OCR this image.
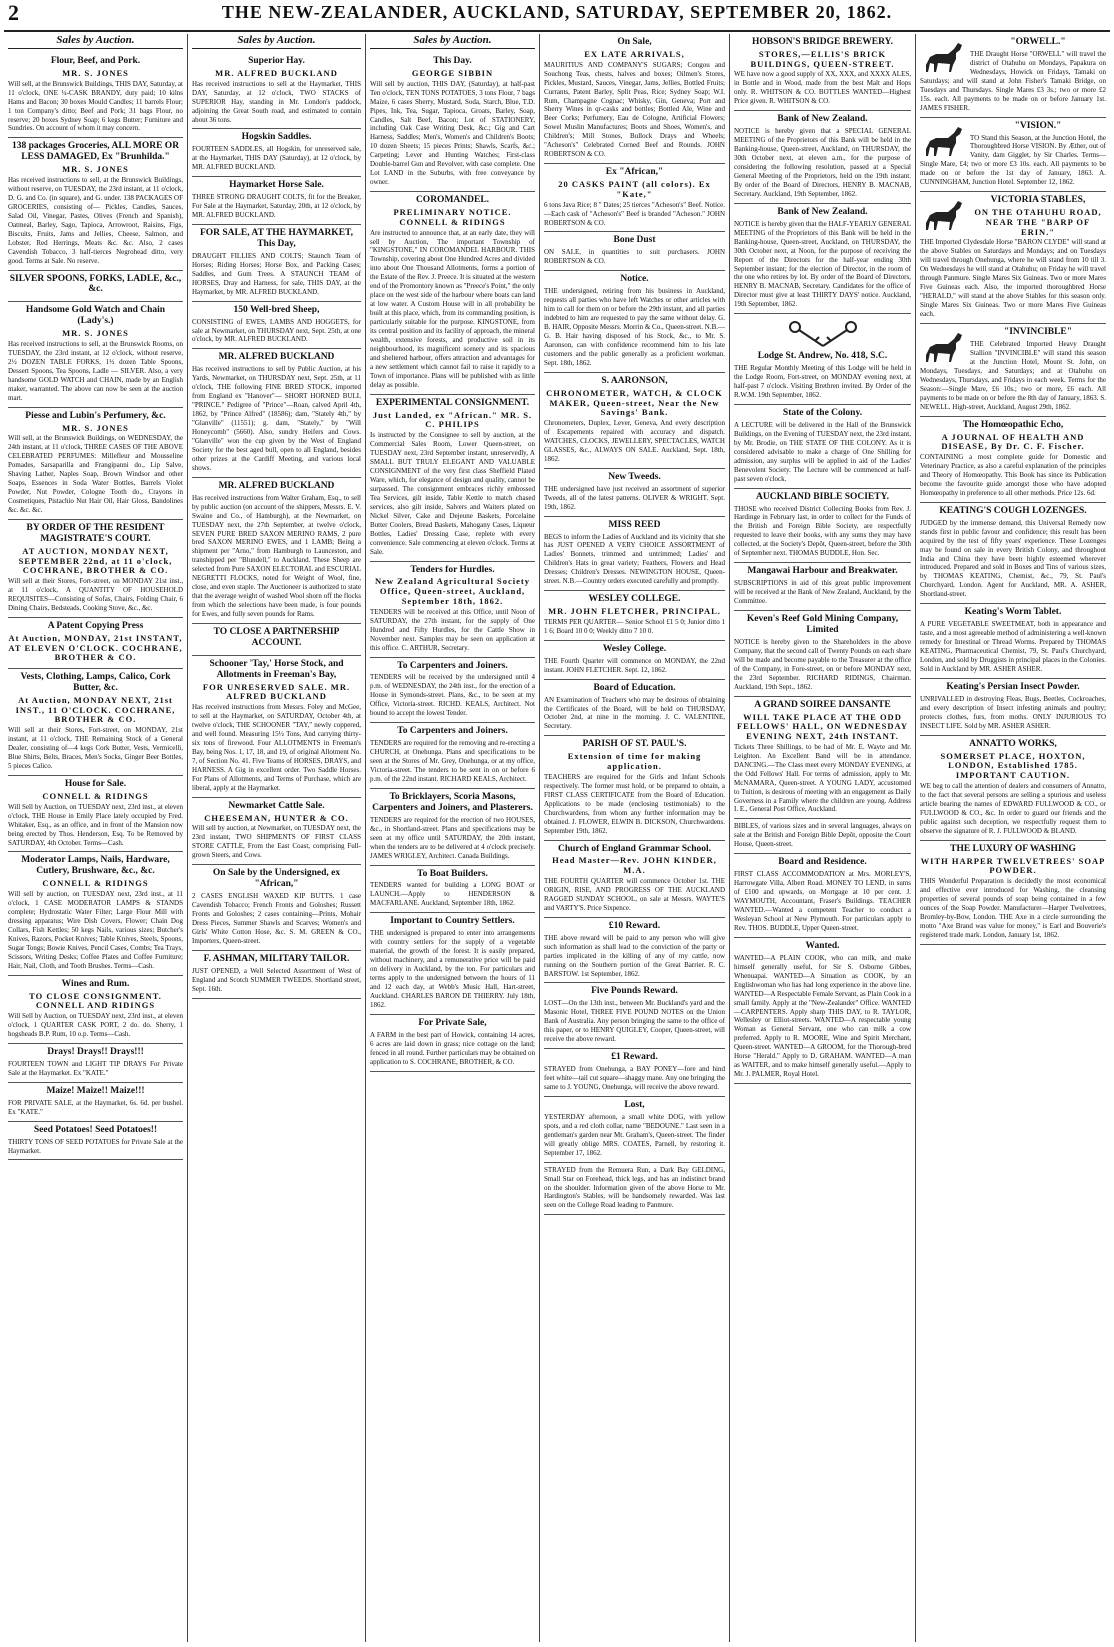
2	THE NEW-ZEALANDER, AUCKLAND, SATURDAY, SEPTEMBER 20, 1862.
Sales by Auction.
Flour, Beef, and Pork.
MR. S. JONES

Will sell, at the Brunswick Buildings, THIS DAY, Saturday, at 11 o'clock, ONE ¼-CASK BRANDY, duty paid; 10 kilns Hams and Bacon; 30 boxes Mould Candles; 11 barrels Flour; 1 ton Company's ditto; Beef and Pork; 31 bags Flour, no reserve; 20 boxes Sydney Soap; 6 kegs Butter; Furniture and Sundries. On account of whom it may concern.

138 packages Groceries, ALL MORE OR LESS DAMAGED, Ex "Brunhilda."
MR. S. JONES

Has received instructions to sell, at the Brunswick Buildings, without reserve, on TUESDAY, the 23rd instant, at 11 o'clock, D. G. and Co. (in square), and G. under. 138 PACKAGES OF GROCERIES, consisting of— Pickles, Candles, Sauces, Salad Oil, Vinegar, Pastes, Olives (French and Spanish), Oatmeal, Barley, Sago, Tapioca, Arrowroot, Raisins, Figs, Biscuits, Fruits, Jams and Jellies, Cheese, Salmon, and Lobster, Red Herrings, Meats &c. &c. Also, 2 cases Cavendish Tobacco, 3 half-tierces Negrohead ditto, very good. Terms at Sale. No reserve.

SILVER SPOONS, FORKS, LADLE, &c., &c.
Handsome Gold Watch and Chain (Lady's.)
MR. S. JONES

Has received instructions to sell, at the Brunswick Rooms, on TUESDAY, the 23rd instant, at 12 o'clock, without reserve, 2½ DOZEN TABLE FORKS, 1½ dozen Table Spoons, Dessert Spoons, Tea Spoons, Ladle — SILVER. Also, a very handsome GOLD WATCH and CHAIN, made by an English maker, warranted. The above can now be seen at the auction mart.

Piesse and Lubin's Perfumery, &c.
MR. S. JONES

Will sell, at the Brunswick Buildings, on WEDNESDAY, the 24th instant, at 11 o'clock, THREE CASES OF THE ABOVE CELEBRATED PERFUMES: Millefleur and Mousseline Pomades, Sarsaparilla and Frangipanni do., Lip Salve, Shaving Lather, Naples Soap, Brown Windsor and other Soaps, Essences in Soda Water Bottles, Barrels Violet Powder, Nut Powder, Cologne Tooth do., Crayons in Cosmetiques, Pistachio Nut Hair Oil, Hair Gloss, Bandolines &c. &c. &c.

BY ORDER OF THE RESIDENT MAGISTRATE'S COURT.
AT AUCTION, MONDAY NEXT, SEPTEMBER 22nd, at 11 o'clock, COCHRANE, BROTHER & CO.

Will sell at their Stores, Fort-street, on MONDAY 21st inst., at 11 o'clock, A QUANTITY OF HOUSEHOLD REQUISITES—Consisting of Sofas, Chairs, Folding Chair, 6 Dining Chairs, Bedsteads, Cooking Stove, &c., &c.

A Patent Copying Press
At Auction, MONDAY, 21st INSTANT, AT ELEVEN O'CLOCK. COCHRANE, BROTHER & CO.
Vests, Clothing, Lamps, Calico, Cork Butter, &c.
At Auction, MONDAY NEXT, 21st INST., 11 O'CLOCK. COCHRANE, BROTHER & CO.

Will sell at their Stores, Fort-street, on MONDAY, 21st instant, at 11 o'clock, THE Remaining Stock of a General Dealer, consisting of—4 kegs Cork Butter, Vests, Vermicelli, Blue Shirts, Belts, Braces, Men's Socks, Ginger Beer Bottles, 5 pieces Calico.

House for Sale.
CONNELL & RIDINGS

Will Sell by Auction, on TUESDAY next, 23rd inst., at eleven o'clock, THE House in Emily Place lately occupied by Fred. Whitaker, Esq., as an office, and in front of the Mansion now being erected by Thos. Henderson, Esq. To be Removed by SATURDAY, 4th October. Terms—Cash.

Moderator Lamps, Nails, Hardware, Cutlery, Brushware, &c., &c.
CONNELL & RIDINGS

Will sell by auction, on TUESDAY next, 23rd inst., at 11 o'clock, 1 CASE MODERATOR LAMPS & STANDS complete; Hydrostatic Water Filter; Large Flour Mill with dressing apparatus; Wire Dish Covers, Flower; Chain Dog Collars, Fish Kettles; 50 kegs Nails, various sizes; Butcher's Knives, Razors, Pocket Knives; Table Knives, Steels, Spoons, Sugar Tongs; Bowie Knives, Pencil Cases, Combs; Tea Trays, Scissors, Writing Desks; Coffee Plates and Coffee Furniture; Hair, Nail, Cloth, and Tooth Brushes. Terms—Cash.

Wines and Rum.
TO CLOSE CONSIGNMENT. CONNELL AND RIDINGS

Will Sell by Auction, on TUESDAY next, 23rd inst., at eleven o'clock, 1 QUARTER CASK PORT, 2 do. do. Sherry, 1 hogsheads B.P. Rum, 10 o.p. Terms—Cash.

Drays! Drays!! Drays!!!

FOURTEEN TOWN and LIGHT TIP DRAYS For Private Sale at the Haymarket. Ex "KATE."

Maize! Maize!! Maize!!!

FOR PRIVATE SALE, at the Haymarket, 6s. 6d. per bushel. Ex "KATE."

Seed Potatoes! Seed Potatoes!!

THIRTY TONS OF SEED POTATOES for Private Sale at the Haymarket.

Sales by Auction.
Superior Hay.
MR. ALFRED BUCKLAND

Has received instructions to sell at the Haymarket, THIS DAY, Saturday, at 12 o'clock, TWO STACKS of SUPERIOR Hay, standing in Mr. London's paddock, adjoining the Great South road, and estimated to contain about 36 tons.

Hogskin Saddles.

FOURTEEN SADDLES, all Hogskin, for unreserved sale, at the Haymarket, THIS DAY (Saturday), at 12 o'clock, by MR. ALFRED BUCKLAND.

Haymarket Horse Sale.

THREE STRONG DRAUGHT COLTS, fit for the Breaker, For Sale at the Haymarket, Saturday, 20th, at 12 o'clock, by MR. ALFRED BUCKLAND.

FOR SALE, AT THE HAYMARKET, This Day,

DRAUGHT FILLIES AND COLTS; Staunch Team of Horses; Riding Horses; Horse Box, and Packing Cases; Saddles, and Gum Trees. A STAUNCH TEAM of HORSES, Dray and Harness, for sale, THIS DAY, at the Haymarket, by MR. ALFRED BUCKLAND.

150 Well-bred Sheep,

CONSISTING of EWES, LAMBS AND HOGGETS, for sale at Newmarket, on THURSDAY next, Sept. 25th, at one o'clock, by MR. ALFRED BUCKLAND.

MR. ALFRED BUCKLAND

Has received instructions to sell by Public Auction, at his Yards, Newmarket, on THURSDAY next, Sept. 25th, at 11 o'clock, THE following FINE BRED STOCK, imported from England ex "Hanover"— SHORT HORNED BULL "PRINCE." Pedigree of "Prince"—Roan, calved April 4th, 1862, by "Prince Alfred" (18586); dam, "Stately 4th," by "Glanville" (11551); g. dam, "Stately," by "Will Honeycomb" (5660). Also, sundry Heifers and Cows. "Glanville" won the cup given by the West of England Society for the best aged bull, open to all England, besides other prizes at the Cardiff Meeting, and various local shows.

MR. ALFRED BUCKLAND

Has received instructions from Walter Graham, Esq., to sell by public auction (on account of the shippers, Messrs. E. V. Swaine and Co., of Hamburgh), at the Newmarket, on TUESDAY next, the 27th September, at twelve o'clock, SEVEN PURE BRED SAXON MERINO RAMS, 2 pure bred SAXON MERINO EWES, and 1 LAMB; Being a shipment per "Arno," from Hamburgh to Launceston, and transhipped per "Blundell," to Auckland. These Sheep are selected from Pure SAXON ELECTORAL and ESCURIAL NEGRETTI FLOCKS, noted for Weight of Wool, fine, close, and even staple. The Auctioneer is authorized to state that the average weight of washed Wool shorn off the flocks from which the selections have been made, is four pounds for Ewes, and fully seven pounds for Rams.

TO CLOSE A PARTNERSHIP ACCOUNT.
Schooner 'Tay,' Horse Stock, and Allotments in Freeman's Bay,
FOR UNRESERVED SALE. MR. ALFRED BUCKLAND

Has received instructions from Messrs. Foley and McGee, to sell at the Haymarket, on SATURDAY, October 4th, at twelve o'clock, THE SCHOONER "TAY," newly coppered, and well found. Measuring 15½ Tons, And carrying thirty-six tons of firewood. Four ALLOTMENTS in Freeman's Bay, being Nos. 1, 17, 18, and 19, of original Allotment No. 7, of Section No. 41. Five Teams of HORSES, DRAYS, and HARNESS. A Gig in excellent order. Two Saddle Horses. For Plans of Allotments, and Terms of Purchase, which are liberal, apply at the Haymarket.

Newmarket Cattle Sale.
CHEESEMAN, HUNTER & CO.

Will sell by auction, at Newmarket, on TUESDAY next, the 23rd instant, TWO SHIPMENTS OF FIRST CLASS STORE CATTLE, From the East Coast, comprising Full-grown Steers, and Cows.

On Sale by the Undersigned, ex "African,"

2 CASES ENGLISH WAXED KIP BUTTS. 1 case Cavendish Tobacco; French Fronts and Goloshes; Russett Fronts and Goloshes; 2 cases containing—Prints, Mohair Dress Pieces, Summer Shawls and Scarves; Women's and Girls' White Cotton Hose, &c. S. M. GREEN & CO., Importers, Queen-street.

F. ASHMAN, MILITARY TAILOR.

JUST OPENED, a Well Selected Assortment of West of England and Scotch SUMMER TWEEDS. Shortland street, Sept. 16th.

Sales by Auction.
This Day.
GEORGE SIBBIN

Will sell by auction, THIS DAY, (Saturday), at half-past Ten o'clock, TEN TONS POTATOES, 3 tons Flour, 7 bags Maize, 6 cases Sherry, Mustard, Soda, Starch, Blue, T.D. Pipes, Ink, Tea, Sugar, Tapioca, Groats, Barley, Soap, Candles, Salt Beef, Bacon; Lot of STATIONERY, including Oak Case Writing Desk, &c.; Gig and Cart Harness, Saddles; Men's, Women's and Children's Boots; 10 dozen Sheets; 15 pieces Prints; Shawls, Scarfs, &c.; Carpeting; Lever and Hunting Watches; First-class Double-barrel Gun and Revolver, with case complete. One Lot LAND in the Suburbs, with free conveyance by owner.

COROMANDEL.
PRELIMINARY NOTICE. CONNELL & RIDINGS

Are instructed to announce that, at an early date, they will sell by Auction, The important Township of "KINGSTONE," IN COROMANDEL HARBOUR. THIS Township, covering about One Hundred Acres and divided into about One Thousand Allotments, forms a portion of the Estate of the Rev. J. Preece. It is situated at the western end of the Promontory known as "Preece's Point," the only place on the west side of the harbour where boats can land at low water. A Custom House will in all probability be built at this place, which, from its commanding position, is particularly suitable for the purpose. KINGSTONE, from its central position and its facility of approach, the mineral wealth, extensive forests, and productive soil in its neighbourhood, its magnificent scenery and its spacious and sheltered harbour, offers attraction and advantages for a new settlement which cannot fail to raise it rapidly to a Town of importance. Plans will be published with as little delay as possible.

EXPERIMENTAL CONSIGNMENT.
Just Landed, ex "African." MR. S. C. PHILIPS

Is instructed by the Consignee to sell by auction, at the Commercial Sales Room, Lower Queen-street, on TUESDAY next, 23rd September instant, unreservedly, A SMALL BUT TRULY ELEGANT AND VALUABLE CONSIGNMENT of the very first class Sheffield Plated Ware, which, for elegance of design and quality, cannot be surpassed. The consignment embraces richly embossed Tea Services, gilt inside, Table Kettle to match chased services, also gilt inside, Salvers and Waiters plated on Nickel Silver, Cake and Dejeune Baskets, Porcelaine Butter Coolers, Bread Baskets, Mahogany Cases, Liqueur Bottles, Ladies' Dressing Case, replete with every convenience. Sale commencing at eleven o'clock. Terms at Sale.

Tenders for Hurdles.
New Zealand Agricultural Society Office, Queen-street, Auckland, September 18th, 1862.

TENDERS will be received at this Office, until Noon of SATURDAY, the 27th instant, for the supply of One Hundred and Fifty Hurdles, for the Cattle Show in November next. Samples may be seen on application at this office. C. ARTHUR, Secretary.

To Carpenters and Joiners.

TENDERS will be received by the undersigned until 4 p.m. of WEDNESDAY, the 24th inst., for the erection of a House in Symonds-street. Plans, &c., to be seen at my Office, Victoria-street. RICHD. KEALS, Architect. Not bound to accept the lowest Tender.

To Carpenters and Joiners.

TENDERS are required for the removing and re-erecting a CHURCH, at Onehunga. Plans and specifications to be seen at the Stores of Mr. Grey, Onehunga, or at my office, Victoria-street. The tenders to be sent in on or before 6 p.m. of the 22nd instant. RICHARD KEALS, Architect.

To Bricklayers, Scoria Masons, Carpenters and Joiners, and Plasterers.

TENDERS are required for the erection of two HOUSES, &c., in Shortland-street. Plans and specifications may be seen at my office until SATURDAY, the 20th instant, when the tenders are to be delivered at 4 o'clock precisely. JAMES WRIGLEY, Architect. Canada Buildings.

To Boat Builders.

TENDERS wanted for building a LONG BOAT or LAUNCH.—Apply to HENDERSON & MACFARLANE. Auckland, September 18th, 1862.

Important to Country Settlers.

THE undersigned is prepared to enter into arrangements with country settlers for the supply of a vegetable material, the growth of the forest. It is easily prepared, without machinery, and a remunerative price will be paid on delivery in Auckland, by the ton. For particulars and terms apply to the undersigned between the hours of 11 and 12 each day, at Webb's Music Hall, Hart-street, Auckland. CHARLES BARON DE THIERRY. July 18th, 1862.

For Private Sale,

A FARM in the best part of Howick, containing 14 acres, 6 acres are laid down in grass; nice cottage on the land; fenced in all round. Further particulars may be obtained on application to S. COCHRANE, BROTHER, & CO.

On Sale,
EX LATE ARRIVALS,

MAURITIUS AND COMPANY'S SUGARS; Congou and Souchong Teas, chests, halves and boxes; Oilmen's Stores, Pickles, Mustard, Sauces, Vinegar, Jams, Jellies, Bottled Fruits; Currants, Patent Barley, Split Peas, Rice; Sydney Soap; W.I. Rum, Champagne Cognac; Whisky, Gin, Geneva; Port and Sherry Wines in qr-casks and bottles; Bottled Ale, Wine and Beer Corks; Perfumery, Eau de Cologne, Artificial Flowers; Sowel Muslin Manufactures; Boots and Shoes, Women's, and Children's; Mill Stones, Bullock Drays and Wheels; "Acheson's" Celebrated Corned Beef and Rounds. JOHN ROBERTSON & CO.

Ex "African,"
20 CASKS PAINT (all colors). Ex "Kate,"

6 tons Java Rice; 8 " Dates; 25 tierces "Acheson's" Beef. Notice.—Each cask of "Acheson's" Beef is branded "Acheson." JOHN ROBERTSON & CO.

Bone Dust

ON SALE, in quantities to suit purchasers. JOHN ROBERTSON & CO.

Notice.

THE undersigned, retiring from his business in Auckland, requests all parties who have left Watches or other articles with him to call for them on or before the 29th instant, and all parties indebted to him are requested to pay the same without delay. G. B. HAIR, Opposite Messrs. Morrin & Co., Queen-street. N.B.—G. B. Hair having disposed of his Stock, &c., to Mr. S. Aaronson, can with confidence recommend him to his late customers and the public generally as a proficient workman. Sept. 18th, 1862.

S. AARONSON,
CHRONOMETER, WATCH, & CLOCK MAKER, Queen-street, Near the New Savings' Bank.

Chronometers, Duplex, Lever, Geneva, And every description of Escapements repaired with accuracy and dispatch. WATCHES, CLOCKS, JEWELLERY, SPECTACLES, WATCH GLASSES, &c., ALWAYS ON SALE. Auckland, Sept. 18th, 1862.

New Tweeds.

THE undersigned have just received an assortment of superior Tweeds, all of the latest patterns. OLIVER & WRIGHT. Sept. 19th, 1862.

MISS REED

BEGS to inform the Ladies of Auckland and its vicinity that she has JUST OPENED A VERY CHOICE ASSORTMENT of Ladies' Bonnets, trimmed and untrimmed; Ladies' and Children's Hats in great variety; Feathers, Flowers and Head Dresses; Children's Dresses. NEWINGTON HOUSE, Queen-street. N.B.—Country orders executed carefully and promptly.

WESLEY COLLEGE.
MR. JOHN FLETCHER, PRINCIPAL.

TERMS PER QUARTER— Senior School £1 5 0; Junior ditto 1 1 6; Board 10 0 0; Weekly ditto 7 10 0.

Wesley College.

THE Fourth Quarter will commence on MONDAY, the 22nd instant. JOHN FLETCHER. Sept. 12, 1862.

Board of Education.

AN Examination of Teachers who may be desirous of obtaining the Certificates of the Board, will be held on THURSDAY, October 2nd, at nine in the morning. J. C. VALENTINE, Secretary.

PARISH OF ST. PAUL'S.
Extension of time for making application.

TEACHERS are required for the Girls and Infant Schools respectively. The former must hold, or be prepared to obtain, a FIRST CLASS CERTIFICATE from the Board of Education. Applications to be made (enclosing testimonials) to the Churchwardens, from whom any further information may be obtained. J. FLOWER, ELWIN B. DICKSON, Churchwardens. September 19th, 1862.

Church of England Grammar School.
Head Master—Rev. JOHN KINDER, M.A.

THE FOURTH QUARTER will commence October 1st. THE ORIGIN, RISE, AND PROGRESS OF THE AUCKLAND RAGGED SUNDAY SCHOOL, on sale at Messrs. WAYTE'S and VARTY'S. Price Sixpence.

£10 Reward.

THE above reward will be paid to any person who will give such information as shall lead to the conviction of the party or parties implicated in the killing of any of my cattle, now running on the Southern portion of the Great Barrier. R. C. BARSTOW. 1st September, 1862.

Five Pounds Reward.

LOST—On the 13th inst., between Mr. Buckland's yard and the Masonic Hotel, THREE FIVE POUND NOTES on the Union Bank of Australia. Any person bringing the same to the office of this paper, or to HENRY QUIGLEY, Cooper, Queen-street, will receive the above reward.

£1 Reward.

STRAYED from Onehunga, a BAY PONEY—fore and hind feet white—tail cut square—shaggy mane. Any one bringing the same to J. YOUNG, Onehunga, will receive the above reward.

Lost,

YESTERDAY afternoon, a small white DOG, with yellow spots, and a red cloth collar, name "BEDOUNE." Last seen in a gentleman's garden near Mt. Graham's, Queen-street. The finder will greatly oblige MRS. COATES, Parnell, by restoring it. September 17, 1862.

STRAYED from the Remuera Run, a Dark Bay GELDING, Small Star on Forehead, thick legs, and has an indistinct brand on the shoulder. Information given of the above Horse to Mr. Hardington's Stables, will be handsomely rewarded. Was last seen on the College Road leading to Panmure.

HOBSON'S BRIDGE BREWERY.
STORES,—ELLIS'S BRICK BUILDINGS, QUEEN-STREET.

WE have now a good supply of XX, XXX, and XXXX ALES, in Bottle and in Wood, made from the best Malt and Hops only. R. WHITSON & CO. BOTTLES WANTED—Highest Price given. R. WHITSON & CO.

Bank of New Zealand.

NOTICE is hereby given that a SPECIAL GENERAL MEETING of the Proprietors of this Bank will be held in the Banking-house, Queen-street, Auckland, on THURSDAY, the 30th October next, at eleven a.m., for the purpose of considering the following resolution, passed at a Special General Meeting of the Proprietors, held on the 19th instant. By order of the Board of Directors, HENRY B. MACNAB, Secretary. Auckland, 19th September, 1862.

Bank of New Zealand.

NOTICE is hereby given that the HALF-YEARLY GENERAL MEETING of the Proprietors of this Bank will be held in the Banking-house, Queen-street, Auckland, on THURSDAY, the 30th October next, at Noon, for the purpose of receiving the Report of the Directors for the half-year ending 30th September instant; for the election of Director, in the room of the one who retires by lot. By order of the Board of Directors, HENRY B. MACNAB, Secretary. Candidates for the office of Director must give at least THIRTY DAYS' notice. Auckland, 19th September, 1862.

Lodge St. Andrew, No. 418, S.C.

THE Regular Monthly Meeting of this Lodge will be held in the Lodge Room, Fort-street, on MONDAY evening next, at half-past 7 o'clock. Visiting Brethren invited. By Order of the R.W.M. 19th September, 1862.

State of the Colony.

A LECTURE will be delivered in the Hall of the Brunswick Buildings, on the Evening of TUESDAY next, the 23rd instant, by Mr. Brodie, on THE STATE OF THE COLONY. As it is considered advisable to make a charge of One Shilling for admission, any surplus will be applied in aid of the Ladies' Benevolent Society. The Lecture will be commenced at half-past seven o'clock.

AUCKLAND BIBLE SOCIETY.

THOSE who received District Collecting Books from Rev. J. Hardinge in February last, in order to collect for the Funds of the British and Foreign Bible Society, are respectfully requested to leave their books, with any sums they may have collected, at the Society's Depôt, Queen-street, before the 30th of September next. THOMAS BUDDLE, Hon. Sec.

Mangawai Harbour and Breakwater.

SUBSCRIPTIONS in aid of this great public improvement will be received at the Bank of New Zealand, Auckland, by the Committee.

Keven's Reef Gold Mining Company, Limited

NOTICE is hereby given to the Shareholders in the above Company, that the second call of Twenty Pounds on each share will be made and become payable to the Treasurer at the office of the Company, in Fore-street, on or before MONDAY next, the 23rd September. RICHARD RIDINGS, Chairman. Auckland, 19th Sept., 1862.

A GRAND SOIREE DANSANTE
WILL TAKE PLACE AT THE ODD FELLOWS' HALL, ON WEDNESDAY EVENING NEXT, 24th INSTANT.

Tickets Three Shillings, to be had of Mr. E. Wayte and Mr. Leighton. An Excellent Band will be in attendance. DANCING.—The Class meet every MONDAY EVENING, at the Odd Fellows' Hall. For terms of admission, apply to Mr. McNAMARA, Queen-street. A YOUNG LADY, accustomed to Tuition, is desirous of meeting with an engagement as Daily Governess in a Family where the children are young. Address I. E., General Post Office, Auckland.

BIBLES, of various sizes and in several languages, always on sale at the British and Foreign Bible Depôt, opposite the Court House, Queen-street.

Board and Residence.

FIRST CLASS ACCOMMODATION at Mrs. MORLEY'S, Harrowgate Villa, Albert Road. MONEY TO LEND, in sums of £100 and upwards, on Mortgage at 10 per cent. J. WAYMOUTH, Accountant, Fraser's Buildings. TEACHER WANTED.—Wanted a competent Teacher to conduct a Wesleyan School at New Plymouth. For particulars apply to Rev. THOS. BUDDLE, Upper Queen-street.

Wanted.

WANTED—A PLAIN COOK, who can milk, and make himself generally useful, for Sir S. Osborne Gibbes, Whenuapai. WANTED—A Situation as COOK, by an Englishwoman who has had long experience in the above line. WANTED—A Respectable Female Servant, as Plain Cook in a small family. Apply at the "New-Zealander" Office. WANTED—CARPENTERS. Apply sharp THIS DAY, to R. TAYLOR, Wellesley or Elliot-streets. WANTED—A respectable young Woman as General Servant, one who can milk a cow preferred. Apply to R. MOORE, Wine and Spirit Merchant, Queen-street. WANTED—A GROOM, for the Thorough-bred Horse "Herald." Apply to D. GRAHAM. WANTED—A man as WAITER, and to make himself generally useful.—Apply to Mr. J. PALMER, Royal Hotel.

"ORWELL."

THE Draught Horse "ORWELL" will travel the district of Otahuhu on Mondays, Papakura on Wednesdays, Howick on Fridays, Tamaki on Saturdays; and will stand at John Fisher's Tamaki Bridge, on Tuesdays and Thursdays. Single Mares £3 3s.; two or more £2 15s. each. All payments to be made on or before January 1st. JAMES FISHER.

"VISION."

TO Stand this Season, at the Junction Hotel, the Thoroughbred Horse VISION. By Æther, out of Vanity, dam Gigglet, by Sir Charles. Terms—Single Mare, £4; two or more £3 10s. each. All payments to be made on or before the 1st day of January, 1863. A. CUNNINGHAM, Junction Hotel. September 12, 1862.

VICTORIA STABLES,
ON THE OTAHUHU ROAD, NEAR THE "BARP OF ERIN."

THE Imported Clydesdale Horse "BARON CLYDE" will stand at the above Stables on Saturdays and Mondays; and on Tuesdays will travel through Onehunga, where he will stand from 10 till 3. On Wednesdays he will stand at Otahuhu; on Friday he will travel through Panmure. Single Mares Six Guineas. Two or more Mares Five Guineas each. Also, the imported thoroughbred Horse "HERALD," will stand at the above Stables for this season only. Single Mares Six Guineas. Two or more Mares Five Guineas each.

"INVINCIBLE"

THE Celebrated Imported Heavy Draught Stallion "INVINCIBLE" will stand this season at the Junction Hotel, Mount St. John, on Mondays, Tuesdays, and Saturdays; and at Otahuhu on Wednesdays, Thursdays, and Fridays in each week. Terms for the Season:—Single Mare, £6 10s.; two or more, £6 each. All payments to be made on or before the 8th day of January, 1863. S. NEWELL. High-street, Auckland, August 29th, 1862.

The Homœopathic Echo,
A JOURNAL OF HEALTH AND DISEASE, By Dr. C. F. Fischer.

CONTAINING a most complete guide for Domestic and Veterinary Practice, as also a careful explanation of the principles and Theory of Homœopathy. This Book has since its Publication become the favourite guide amongst those who have adopted Homœopathy in preference to all other methods. Price 12s. 6d.

KEATING'S COUGH LOZENGES.

JUDGED by the immense demand, this Universal Remedy now stands first in public favour and confidence; this result has been acquired by the test of fifty years' experience. These Lozenges may be found on sale in every British Colony, and throughout India and China they have been highly esteemed wherever introduced. Prepared and sold in Boxes and Tins of various sizes, by THOMAS KEATING, Chemist, &c., 79, St. Paul's Churchyard, London. Agent for Auckland, MR. A. ASHER, Shortland-street.

Keating's Worm Tablet.

A PURE VEGETABLE SWEETMEAT, both in appearance and taste, and a most agreeable method of administering a well-known remedy for Intestinal or Thread Worms. Prepared by THOMAS KEATING, Pharmaceutical Chemist, 79, St. Paul's Churchyard, London, and sold by Druggists in principal places in the Colonies. Sold in Auckland by MR. ASHER ASHER.

Keating's Persian Insect Powder.

UNRIVALLED in destroying Fleas, Bugs, Beetles, Cockroaches, and every description of Insect infesting animals and poultry; protects clothes, furs, from moths. ONLY INJURIOUS TO INSECT LIFE. Sold by MR. ASHER ASHER.

ANNATTO WORKS,
SOMERSET PLACE, HOXTON, LONDON, Established 1785. IMPORTANT CAUTION.

WE beg to call the attention of dealers and consumers of Annatto, to the fact that several persons are selling a spurious and useless article bearing the names of EDWARD FULLWOOD & CO., or FULLWOOD & CO., &c. In order to guard our friends and the public against such deception, we respectfully request them to observe the signature of R. J. FULLWOOD & BLAND.

THE LUXURY OF WASHING
WITH HARPER TWELVETREES' SOAP POWDER.

THIS Wonderful Preparation is decidedly the most economical and effective ever introduced for Washing, the cleansing properties of several pounds of soap being contained in a few ounces of the Soap Powder. Manufacturer—Harper Twelvetrees, Bromley-by-Bow, London. THE Axe in a circle surrounding the motto "Axe Brand was value for money," is Earl and Bouverie's registered trade mark. London, January 1st, 1862.
